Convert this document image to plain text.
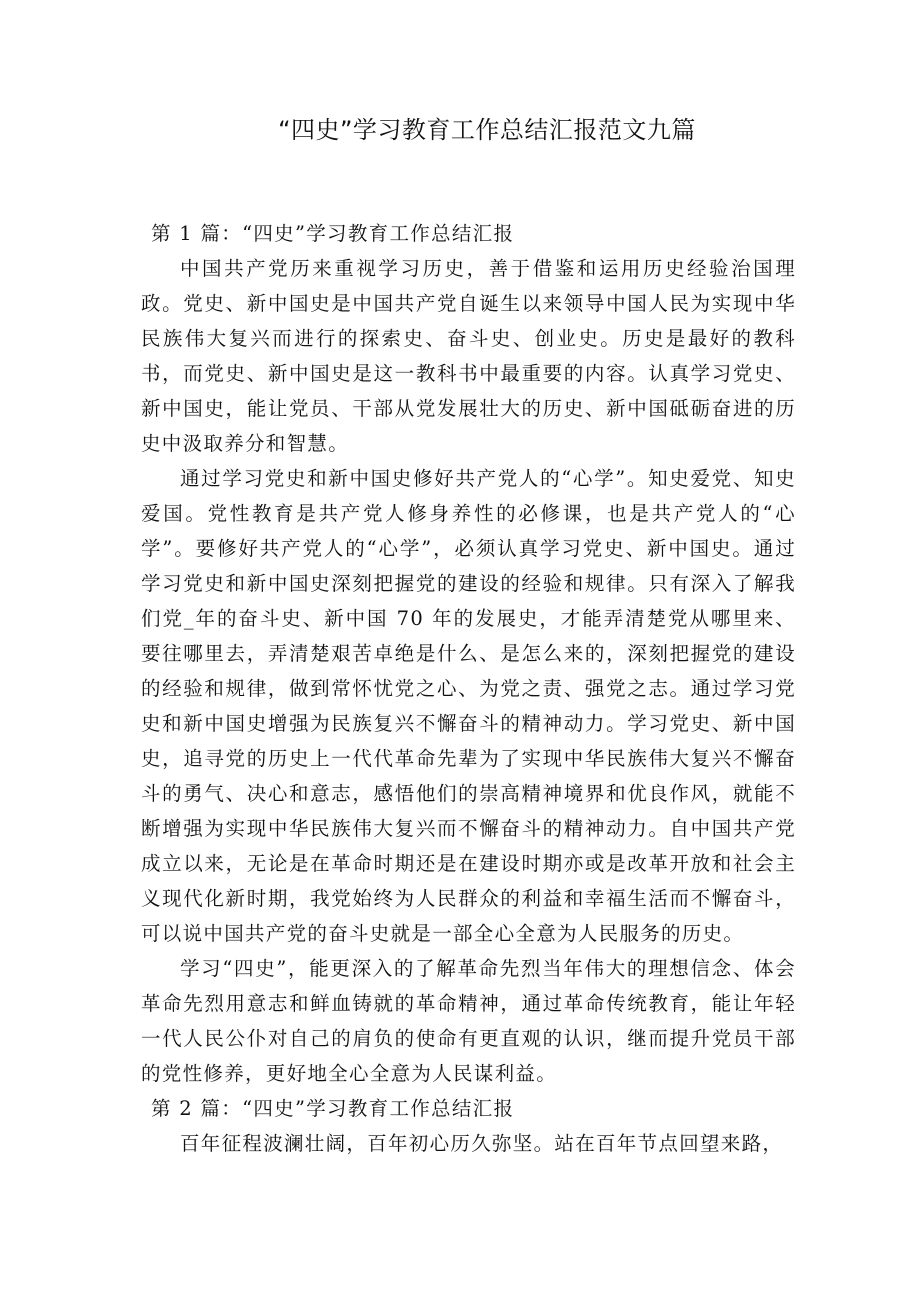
“四史”学习教育工作总结汇报范文九篇

第 1 篇：“四史”学习教育工作总结汇报

中国共产党历来重视学习历史，善于借鉴和运用历史经验治国理政。党史、新中国史是中国共产党自诞生以来领导中国人民为实现中华民族伟大复兴而进行的探索史、奋斗史、创业史。历史是最好的教科书，而党史、新中国史是这一教科书中最重要的内容。认真学习党史、新中国史，能让党员、干部从党发展壮大的历史、新中国砥砺奋进的历史中汲取养分和智慧。

通过学习党史和新中国史修好共产党人的“心学”。知史爱党、知史爱国。党性教育是共产党人修身养性的必修课，也是共产党人的“心学”。要修好共产党人的“心学”，必须认真学习党史、新中国史。通过学习党史和新中国史深刻把握党的建设的经验和规律。只有深入了解我们党_年的奋斗史、新中国 70 年的发展史，才能弄清楚党从哪里来、要往哪里去，弄清楚艰苦卓绝是什么、是怎么来的，深刻把握党的建设的经验和规律，做到常怀忧党之心、为党之责、强党之志。通过学习党史和新中国史增强为民族复兴不懈奋斗的精神动力。学习党史、新中国史，追寻党的历史上一代代革命先辈为了实现中华民族伟大复兴不懈奋斗的勇气、决心和意志，感悟他们的崇高精神境界和优良作风，就能不断增强为实现中华民族伟大复兴而不懈奋斗的精神动力。自中国共产党成立以来，无论是在革命时期还是在建设时期亦或是改革开放和社会主义现代化新时期，我党始终为人民群众的利益和幸福生活而不懈奋斗，可以说中国共产党的奋斗史就是一部全心全意为人民服务的历史。

学习“四史”，能更深入的了解革命先烈当年伟大的理想信念、体会革命先烈用意志和鲜血铸就的革命精神，通过革命传统教育，能让年轻一代人民公仆对自己的肩负的使命有更直观的认识，继而提升党员干部的党性修养，更好地全心全意为人民谋利益。

第 2 篇：“四史”学习教育工作总结汇报

百年征程波澜壮阔，百年初心历久弥坚。站在百年节点回望来路，
